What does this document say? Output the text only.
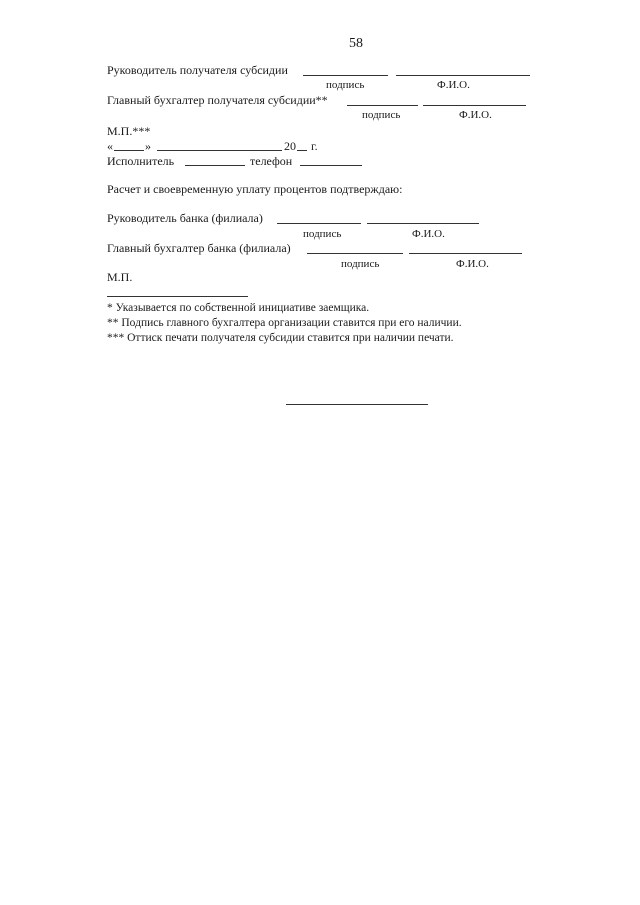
58
Руководитель получателя субсидии
подпись	Ф.И.О.
Главный бухгалтер получателя субсидии**
подпись	Ф.И.О.
М.П.***
«	»	20 г.
Исполнитель	телефон
Расчет и своевременную уплату процентов подтверждаю:
Руководитель банка (филиала)
подпись	Ф.И.О.
Главный бухгалтер банка (филиала)
подпись	Ф.И.О.
М.П.
* Указывается по собственной инициативе заемщика.
** Подпись главного бухгалтера организации ставится при его наличии.
*** Оттиск печати получателя субсидии ставится при наличии печати.
